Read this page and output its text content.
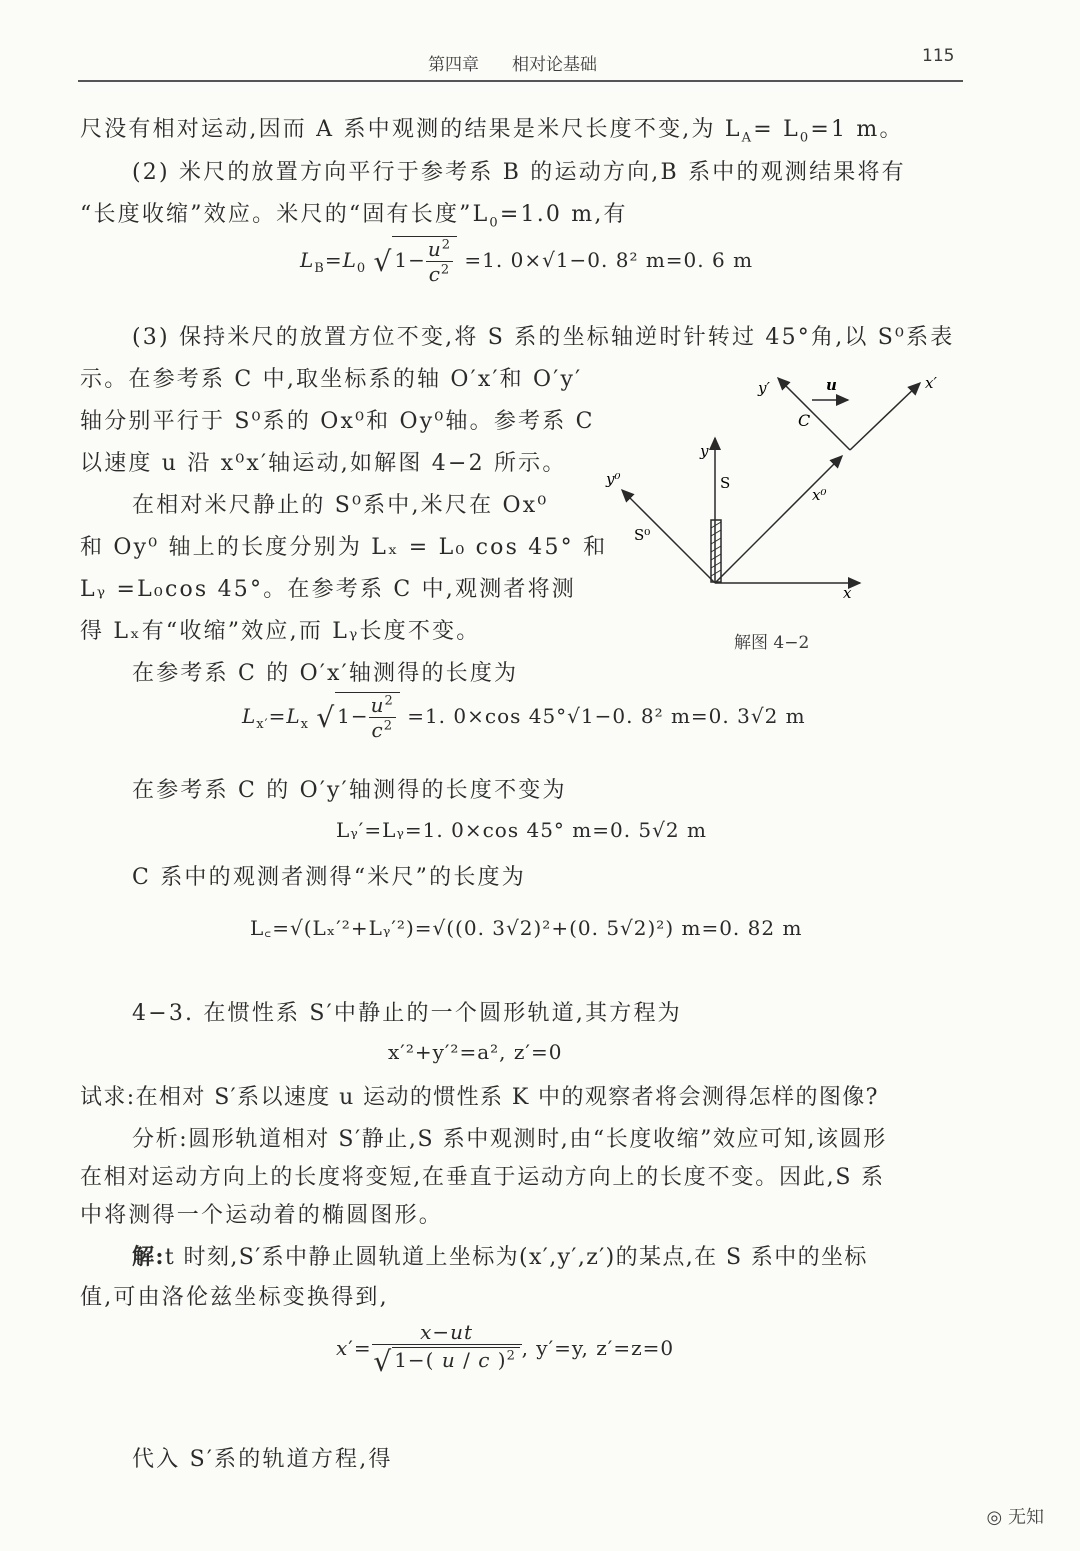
第四章 相对论基础	115
尺没有相对运动,因而 A 系中观测的结果是米尺长度不变,为 $L_A= L_0=1$ m。
(2) 米尺的放置方向平行于参考系 B 的运动方向,B 系中的观测结果将有
“长度收缩”效应。米尺的“固有长度$”L_0=1.0$ m,有
$L_B=L_0$ √ $1- \frac{u^2}{c^2} =1$. 0×√1−0. 8² m=0. 6 m
(3) 保持米尺的放置方位不变,将 S 系的坐标轴逆时针转过 45°角,以 S⁰系表
示。在参考系 C 中,取坐标系的轴 O′x′和 O′y′
轴分别平行于 S⁰系的 Ox⁰和 Oy⁰轴。参考系 C
以速度 u 沿 x⁰x′轴运动,如解图 4−2 所示。
在相对米尺静止的 S⁰系中,米尺在 Ox⁰
和 Oy⁰ 轴上的长度分别为 Lₓ = L₀ cos 45° 和
Lᵧ =L₀cos 45°。在参考系 C 中,观测者将测
得 Lₓ有“收缩”效应,而 Lᵧ长度不变。
在参考系 C 的 O′x′轴测得的长度为
y′	u	x′
C
y
S
y⁰
x⁰
S⁰
x
解图 4−2
$L_{x'}=L_x$ √ $1- \frac{u^2}{c^2} =1$. 0×cos 45°√1−0. 8² m=0. 3√2 m
在参考系 C 的 O′y′轴测得的长度不变为
Lᵧ′=Lᵧ=1. 0×cos 45° m=0. 5√2 m
C 系中的观测者测得“米尺”的长度为
L꜀=√(Lₓ′²+Lᵧ′²)=√((0. 3√2)²+(0. 5√2)²) m=0. 82 m
4−3. 在惯性系 S′中静止的一个圆形轨道,其方程为
x′²+y′²=a², z′=0
试求:在相对 S′系以速度 u 运动的惯性系 K 中的观察者将会测得怎样的图像?
分析:圆形轨道相对 S′静止,S 系中观测时,由“长度收缩”效应可知,该圆形
在相对运动方向上的长度将变短,在垂直于运动方向上的长度不变。因此,S 系
中将测得一个运动着的椭圆图形。
解:t 时刻,S′系中静止圆轨道上坐标为(x′,y′,z′)的某点,在 S 系中的坐标
值,可由洛伦兹坐标变换得到,
$x'= \frac{x-ut}{√ 1-( u / c )^2}$ , y′=y, z′=z=0
代入 S′系的轨道方程,得
◎ 无知
